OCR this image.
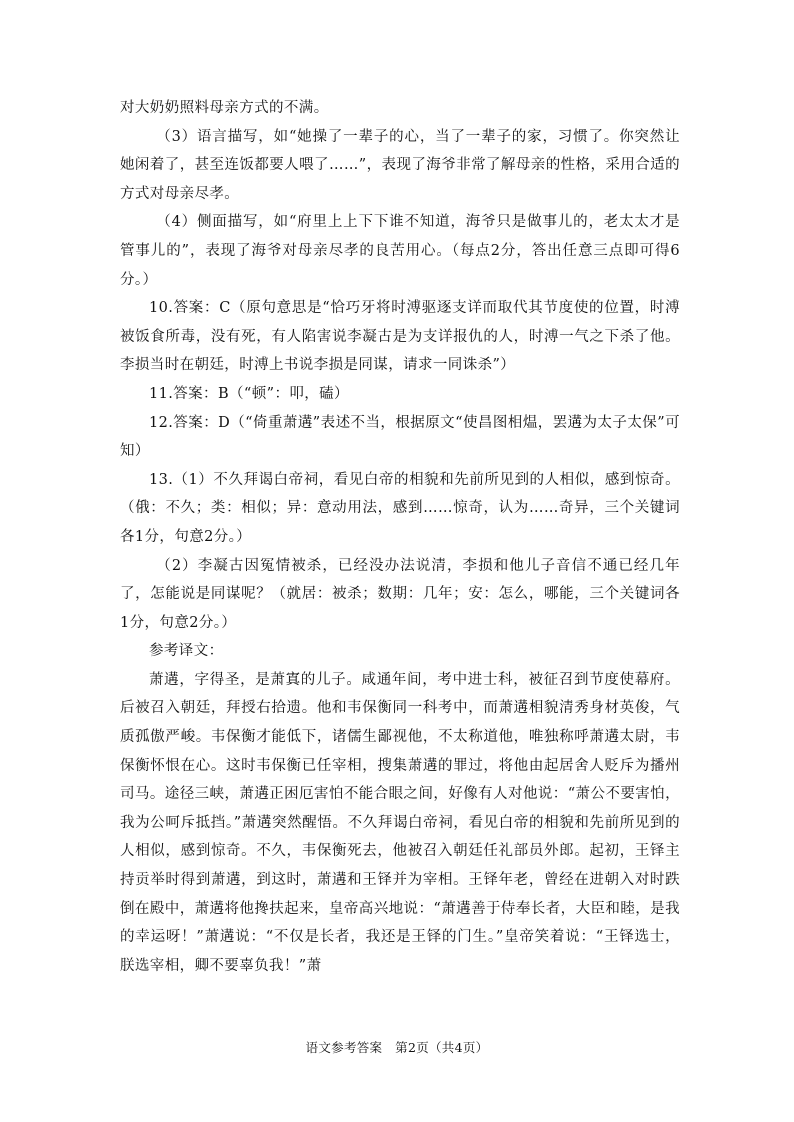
对大奶奶照料母亲方式的不满。

（3）语言描写，如“她操了一辈子的心，当了一辈子的家，习惯了。你突然让她闲着了，甚至连饭都要人喂了……”，表现了海爷非常了解母亲的性格，采用合适的方式对母亲尽孝。

（4）侧面描写，如“府里上上下下谁不知道，海爷只是做事儿的，老太太才是管事儿的”，表现了海爷对母亲尽孝的良苦用心。（每点2分，答出任意三点即可得6分。）

10.答案：C（原句意思是“恰巧牙将时溥驱逐支详而取代其节度使的位置，时溥被饭食所毒，没有死，有人陷害说李凝古是为支详报仇的人，时溥一气之下杀了他。李损当时在朝廷，时溥上书说李损是同谋，请求一同诛杀”）

11.答案：B（“顿”：叩，磕）

12.答案：D（“倚重萧遘”表述不当，根据原文“使昌图相煴，罢遘为太子太保”可知）

13.（1）不久拜谒白帝祠，看见白帝的相貌和先前所见到的人相似，感到惊奇。（俄：不久；类：相似；异：意动用法，感到……惊奇，认为……奇异，三个关键词各1分，句意2分。）

（2）李凝古因冤情被杀，已经没办法说清，李损和他儿子音信不通已经几年了，怎能说是同谋呢？（就居：被杀；数期：几年；安：怎么，哪能，三个关键词各1分，句意2分。）

参考译文：

萧遘，字得圣，是萧寘的儿子。咸通年间，考中进士科，被征召到节度使幕府。后被召入朝廷，拜授右拾遗。他和韦保衡同一科考中，而萧遘相貌清秀身材英俊，气质孤傲严峻。韦保衡才能低下，诸儒生鄙视他，不太称道他，唯独称呼萧遘太尉，韦保衡怀恨在心。这时韦保衡已任宰相，搜集萧遘的罪过，将他由起居舍人贬斥为播州司马。途径三峡，萧遘正困厄害怕不能合眼之间，好像有人对他说：“萧公不要害怕，我为公呵斥抵挡。”萧遘突然醒悟。不久拜谒白帝祠，看见白帝的相貌和先前所见到的人相似，感到惊奇。不久，韦保衡死去，他被召入朝廷任礼部员外郎。起初，王铎主持贡举时得到萧遘，到这时，萧遘和王铎并为宰相。王铎年老，曾经在进朝入对时跌倒在殿中，萧遘将他搀扶起来，皇帝高兴地说：“萧遘善于侍奉长者，大臣和睦，是我的幸运呀！”萧遘说：“不仅是长者，我还是王铎的门生。”皇帝笑着说：“王铎选士，朕选宰相，卿不要辜负我！”萧

语文参考答案　第2页（共4页）
